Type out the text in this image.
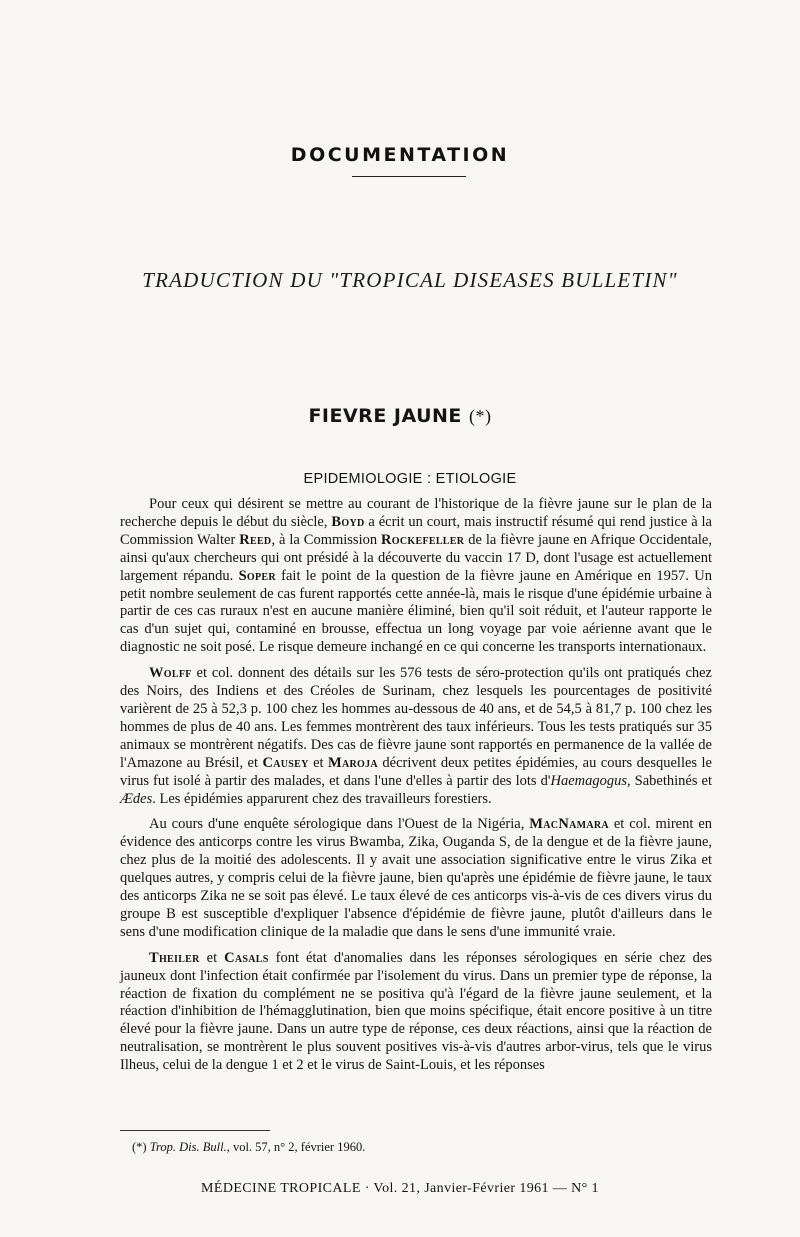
DOCUMENTATION
TRADUCTION DU "TROPICAL DISEASES BULLETIN"
FIEVRE JAUNE (*)
EPIDEMIOLOGIE : ETIOLOGIE

Pour ceux qui désirent se mettre au courant de l'historique de la fièvre jaune sur le plan de la recherche depuis le début du siècle, Boyd a écrit un court, mais instructif résumé qui rend justice à la Commission Walter Reed, à la Commission Rockefeller de la fièvre jaune en Afrique Occidentale, ainsi qu'aux chercheurs qui ont présidé à la découverte du vaccin 17 D, dont l'usage est actuellement largement répandu. Soper fait le point de la question de la fièvre jaune en Amérique en 1957. Un petit nombre seulement de cas furent rapportés cette année-là, mais le risque d'une épidémie urbaine à partir de ces cas ruraux n'est en aucune manière éliminé, bien qu'il soit réduit, et l'auteur rapporte le cas d'un sujet qui, contaminé en brousse, effectua un long voyage par voie aérienne avant que le diagnostic ne soit posé. Le risque demeure inchangé en ce qui concerne les transports internationaux.

Wolff et col. donnent des détails sur les 576 tests de séro-protection qu'ils ont pratiqués chez des Noirs, des Indiens et des Créoles de Surinam, chez lesquels les pourcentages de positivité varièrent de 25 à 52,3 p. 100 chez les hommes au-dessous de 40 ans, et de 54,5 à 81,7 p. 100 chez les hommes de plus de 40 ans. Les femmes montrèrent des taux inférieurs. Tous les tests pratiqués sur 35 animaux se montrèrent négatifs. Des cas de fièvre jaune sont rapportés en permanence de la vallée de l'Amazone au Brésil, et Causey et Maroja décrivent deux petites épidémies, au cours desquelles le virus fut isolé à partir des malades, et dans l'une d'elles à partir des lots d'Haemagogus, Sabethinés et Ædes. Les épidémies apparurent chez des travailleurs forestiers.

Au cours d'une enquête sérologique dans l'Ouest de la Nigéria, MacNamara et col. mirent en évidence des anticorps contre les virus Bwamba, Zika, Ouganda S, de la dengue et de la fièvre jaune, chez plus de la moitié des adolescents. Il y avait une association significative entre le virus Zika et quelques autres, y compris celui de la fièvre jaune, bien qu'après une épidémie de fièvre jaune, le taux des anticorps Zika ne se soit pas élevé. Le taux élevé de ces anticorps vis-à-vis de ces divers virus du groupe B est susceptible d'expliquer l'absence d'épidémie de fièvre jaune, plutôt d'ailleurs dans le sens d'une modification clinique de la maladie que dans le sens d'une immunité vraie.

Theiler et Casals font état d'anomalies dans les réponses sérologiques en série chez des jauneux dont l'infection était confirmée par l'isolement du virus. Dans un premier type de réponse, la réaction de fixation du complément ne se positiva qu'à l'égard de la fièvre jaune seulement, et la réaction d'inhibition de l'hémagglutination, bien que moins spécifique, était encore positive à un titre élevé pour la fièvre jaune. Dans un autre type de réponse, ces deux réactions, ainsi que la réaction de neutralisation, se montrèrent le plus souvent positives vis-à-vis d'autres arbor-virus, tels que le virus Ilheus, celui de la dengue 1 et 2 et le virus de Saint-Louis, et les réponses

(*) Trop. Dis. Bull., vol. 57, n° 2, février 1960.
MÉDECINE TROPICALE · Vol. 21, Janvier-Février 1961 — N° 1
